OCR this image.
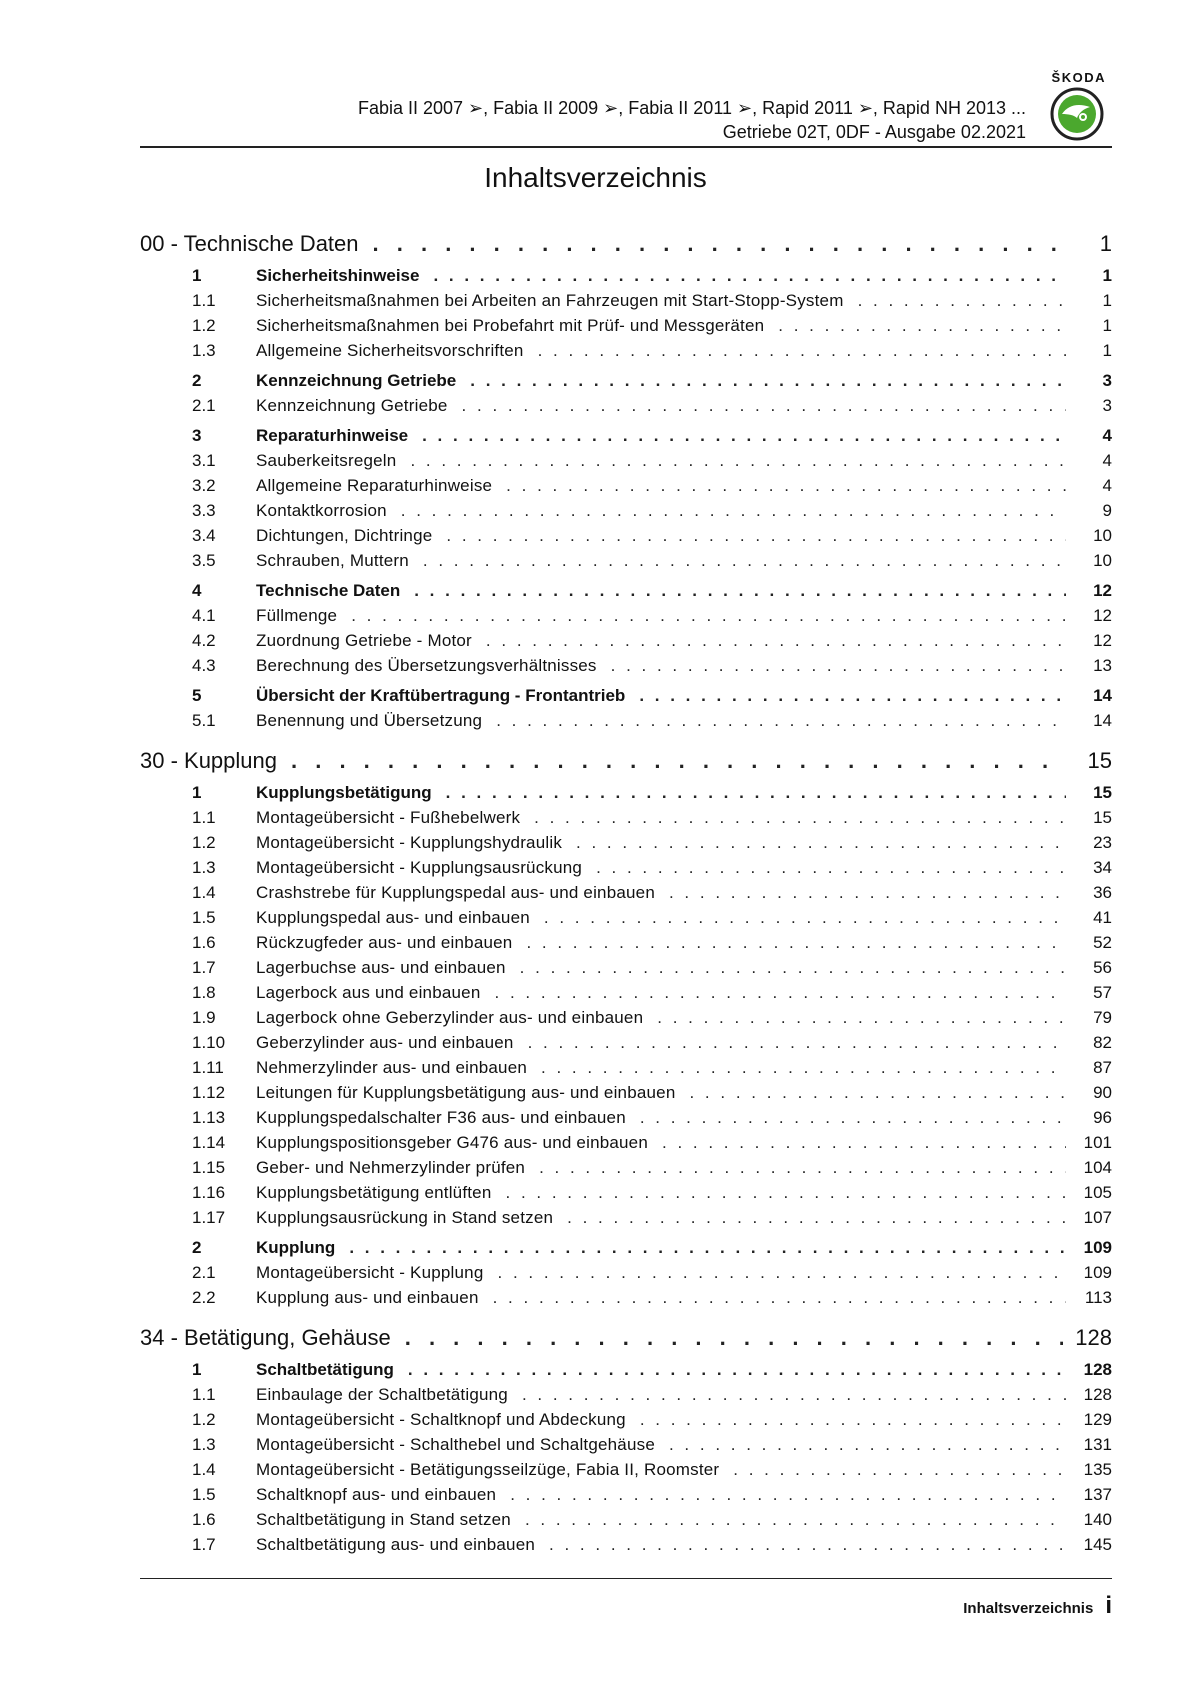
Fabia II 2007 ➢, Fabia II 2009 ➢, Fabia II 2011 ➢, Rapid 2011 ➢, Rapid NH 2013 ...
Getriebe 02T, 0DF - Ausgabe 02.2021
ŠKODA
Inhaltsverzeichnis
00 - Technische Daten . . .	1
1	Sicherheitshinweise . . .	1
1.1	Sicherheitsmaßnahmen bei Arbeiten an Fahrzeugen mit Start-Stopp-System . . .	1
1.2	Sicherheitsmaßnahmen bei Probefahrt mit Prüf- und Messgeräten . . .	1
1.3	Allgemeine Sicherheitsvorschriften . . .	1
2	Kennzeichnung Getriebe . . .	3
2.1	Kennzeichnung Getriebe . . .	3
3	Reparaturhinweise . . .	4
3.1	Sauberkeitsregeln . . .	4
3.2	Allgemeine Reparaturhinweise . . .	4
3.3	Kontaktkorrosion . . .	9
3.4	Dichtungen, Dichtringe . . .	10
3.5	Schrauben, Muttern . . .	10
4	Technische Daten . . .	12
4.1	Füllmenge . . .	12
4.2	Zuordnung Getriebe - Motor . . .	12
4.3	Berechnung des Übersetzungsverhältnisses . . .	13
5	Übersicht der Kraftübertragung - Frontantrieb . . .	14
5.1	Benennung und Übersetzung . . .	14
30 - Kupplung . . .	15
1	Kupplungsbetätigung . . .	15
1.1	Montageübersicht - Fußhebelwerk . . .	15
1.2	Montageübersicht - Kupplungshydraulik . . .	23
1.3	Montageübersicht - Kupplungsausrückung . . .	34
1.4	Crashstrebe für Kupplungspedal aus- und einbauen . . .	36
1.5	Kupplungspedal aus- und einbauen . . .	41
1.6	Rückzugfeder aus- und einbauen . . .	52
1.7	Lagerbuchse aus- und einbauen . . .	56
1.8	Lagerbock aus und einbauen . . .	57
1.9	Lagerbock ohne Geberzylinder aus- und einbauen . . .	79
1.10	Geberzylinder aus- und einbauen . . .	82
1.11	Nehmerzylinder aus- und einbauen . . .	87
1.12	Leitungen für Kupplungsbetätigung aus- und einbauen . . .	90
1.13	Kupplungspedalschalter F36 aus- und einbauen . . .	96
1.14	Kupplungspositionsgeber G476 aus- und einbauen . . .	101
1.15	Geber- und Nehmerzylinder prüfen . . .	104
1.16	Kupplungsbetätigung entlüften . . .	105
1.17	Kupplungsausrückung in Stand setzen . . .	107
2	Kupplung . . .	109
2.1	Montageübersicht - Kupplung . . .	109
2.2	Kupplung aus- und einbauen . . .	113
34 - Betätigung, Gehäuse . . .	128
1	Schaltbetätigung . . .	128
1.1	Einbaulage der Schaltbetätigung . . .	128
1.2	Montageübersicht - Schaltknopf und Abdeckung . . .	129
1.3	Montageübersicht - Schalthebel und Schaltgehäuse . . .	131
1.4	Montageübersicht - Betätigungsseilzüge, Fabia II, Roomster . . .	135
1.5	Schaltknopf aus- und einbauen . . .	137
1.6	Schaltbetätigung in Stand setzen . . .	140
1.7	Schaltbetätigung aus- und einbauen . . .	145
Inhaltsverzeichnis i
